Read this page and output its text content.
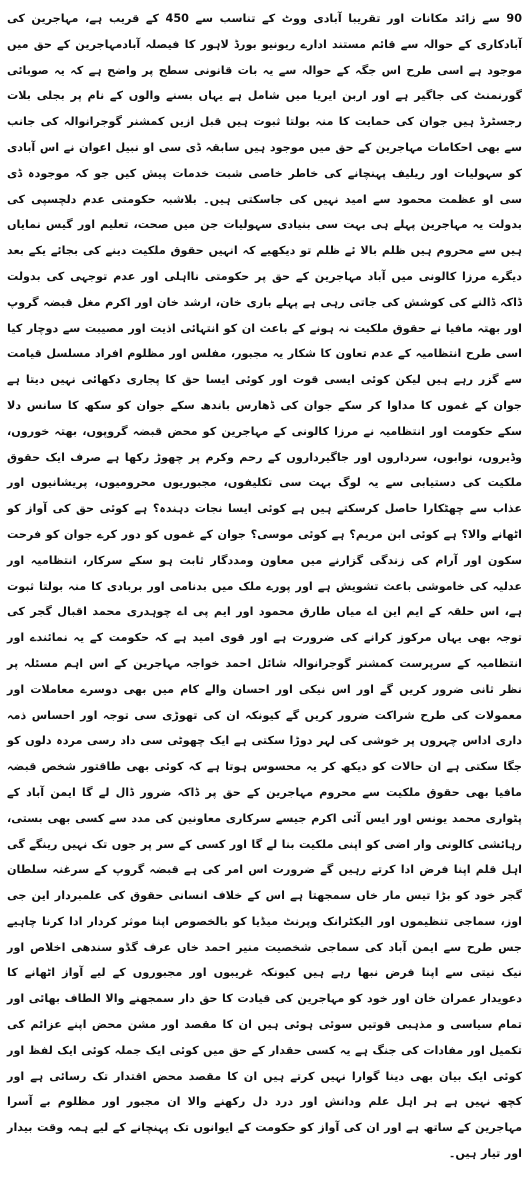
90 سے زائد مکانات اور تقریبا آبادی ووٹ کے تناسب سے 450 کے قریب ہے، مہاجرین کی آبادکاری کے حوالہ سے قائم مستند ادارے ریونیو بورڈ لاہور کا فیصلہ آبادمہاجرین کے حق میں موجود ہے اسی طرح اس جگہ کے حوالہ سے یہ بات قانونی سطح پر واضح ہے کہ یہ صوبائی گورنمنٹ کی جاگیر ہے اور اربن ایریا میں شامل ہے یہاں بسنے والوں کے نام پر بجلی بلات رجسٹرڈ ہیں جوان کی حمایت کا منہ بولتا ثبوت ہیں قبل ازیں کمشنر گوجرانوالہ کی جانب سے بھی احکامات مہاجرین کے حق میں موجود ہیں سابقہ ڈی سی او نبیل اعوان نے اس آبادی کو سہولیات اور ریلیف پہنچانے کی خاطر خاصی شبت خدمات پیش کیں جو کہ موجودہ ڈی سی او عظمت محمود سے امید نہیں کی جاسکتی ہیں۔ بلاشبہ حکومتی عدم دلچسپی کی بدولت یہ مہاجرین پہلے ہی بہت سی بنیادی سہولیات جن میں صحت، تعلیم اور گیس نمایاں ہیں سے محروم ہیں ظلم بالا ئے ظلم تو دیکھیے کہ انہیں حقوق ملکیت دینے کی بجائے یکے بعد دیگرے مرزا کالونی میں آباد مہاجرین کے حق پر حکومتی نااہلی اور عدم توجہی کی بدولت ڈاکہ ڈالنے کی کوشش کی جاتی رہی ہے پہلے باری خان، ارشد خان اور اکرم مغل قبضہ گروپ اور بھتہ مافیا نے حقوق ملکیت نہ ہونے کے باعث ان کو انتہائی اذیت اور مصیبت سے دوچار کیا اسی طرح انتظامیہ کے عدم تعاون کا شکار یہ مجبور، مفلس اور مظلوم افراد مسلسل قیامت سے گزر رہے ہیں لیکن کوئی ایسی قوت اور کوئی ایسا حق کا پجاری دکھائی نہیں دیتا ہے جوان کے غموں کا مداوا کر سکے جوان کی ڈھارس باندھ سکے جوان کو سکھ کا سانس دلا سکے حکومت اور انتظامیہ نے مرزا کالونی کے مہاجرین کو محض قبضہ گروپوں، بھتہ خوروں، وڈیروں، نوابوں، سرداروں اور جاگیرداروں کے رحم وکرم پر چھوڑ رکھا ہے صرف ایک حقوق ملکیت کی دستیابی سے یہ لوگ بہت سی تکلیفوں، مجبوریوں محرومیوں، پریشانیوں اور عذاب سے چھٹکارا حاصل کرسکتے ہیں ہے کوئی ایسا نجات دہندہ؟ ہے کوئی حق کی آواز کو اٹھانے والا؟ ہے کوئی ابن مریم؟ ہے کوئی موسی؟ جوان کے غموں کو دور کرے جوان کو فرحت سکون اور آرام کی زندگی گزارنے میں معاون ومددگار ثابت ہو سکے سرکار، انتظامیہ اور عدلیہ کی خاموشی باعث تشویش ہے اور پورے ملک میں بدنامی اور بربادی کا منہ بولتا ثبوت ہے، اس حلقہ کے ایم این اے میاں طارق محمود اور ایم پی اے چوہدری محمد اقبال گجر کی توجہ بھی یہاں مرکوز کرانے کی ضرورت ہے اور قوی امید ہے کہ حکومت کے یہ نمائندے اور انتظامیہ کے سرپرست کمشنر گوجرانوالہ شائل احمد خواجہ مہاجرین کے اس اہم مسئلہ پر نظر ثانی ضرور کریں گے اور اس نیکی اور احسان والے کام میں بھی دوسرے معاملات اور معمولات کی طرح شراکت ضرور کریں گے کیونکہ ان کی تھوڑی سی توجہ اور احساس ذمہ داری اداس چہروں پر خوشی کی لہر دوڑا سکتی ہے ایک چھوٹی سی داد رسی مردہ دلوں کو جگا سکتی ہے ان حالات کو دیکھ کر یہ محسوس ہوتا ہے کہ کوئی بھی طاقتور شخص قبضہ مافیا بھی حقوق ملکیت سے محروم مہاجرین کے حق پر ڈاکہ ضرور ڈال لے گا ایمن آباد کے پٹواری محمد یونس اور ایس آئی اکرم جیسے سرکاری معاونین کی مدد سے کسی بھی بستی، رہائشی کالونی وار اضی کو اپنی ملکیت بنا لے گا اور کسی کے سر پر جوں تک نہیں رینگے گی اہل قلم اپنا فرض ادا کرتے رہیں گے ضرورت اس امر کی ہے قبضہ گروپ کے سرغنہ سلطان گجر خود کو بڑا تیس مار خاں سمجھتا ہے اس کے خلاف انسانی حقوق کی علمبردار این جی اوز، سماجی تنظیموں اور الیکٹرانک وپرنٹ میڈیا کو بالخصوص اپنا موثر کردار ادا کرنا چاہیے جس طرح سے ایمن آباد کی سماجی شخصیت منیر احمد خاں عرف گڈو سندھی اخلاص اور نیک نیتی سے اپنا فرض نبھا رہے ہیں کیونکہ غریبوں اور مجبوروں کے لیے آواز اٹھانے کا دعویدار عمران خان اور خود کو مہاجرین کی قیادت کا حق دار سمجھنے والا الطاف بھائی اور تمام سیاسی و مذہبی قوتیں سوئی ہوئی ہیں ان کا مقصد اور مشن محض اپنے عزائم کی تکمیل اور مفادات کی جنگ ہے یہ کسی حقدار کے حق میں کوئی ایک جملہ کوئی ایک لفظ اور کوئی ایک بیان بھی دینا گوارا نہیں کرتے ہیں ان کا مقصد محض اقتدار تک رسائی ہے اور کچھ نہیں ہے ہر اہل علم ودانش اور درد دل رکھنے والا ان مجبور اور مظلوم بے آسرا مہاجرین کے ساتھ ہے اور ان کی آواز کو حکومت کے ایوانوں تک پہنچانے کے لیے ہمہ وقت بیدار اور تیار ہیں۔
